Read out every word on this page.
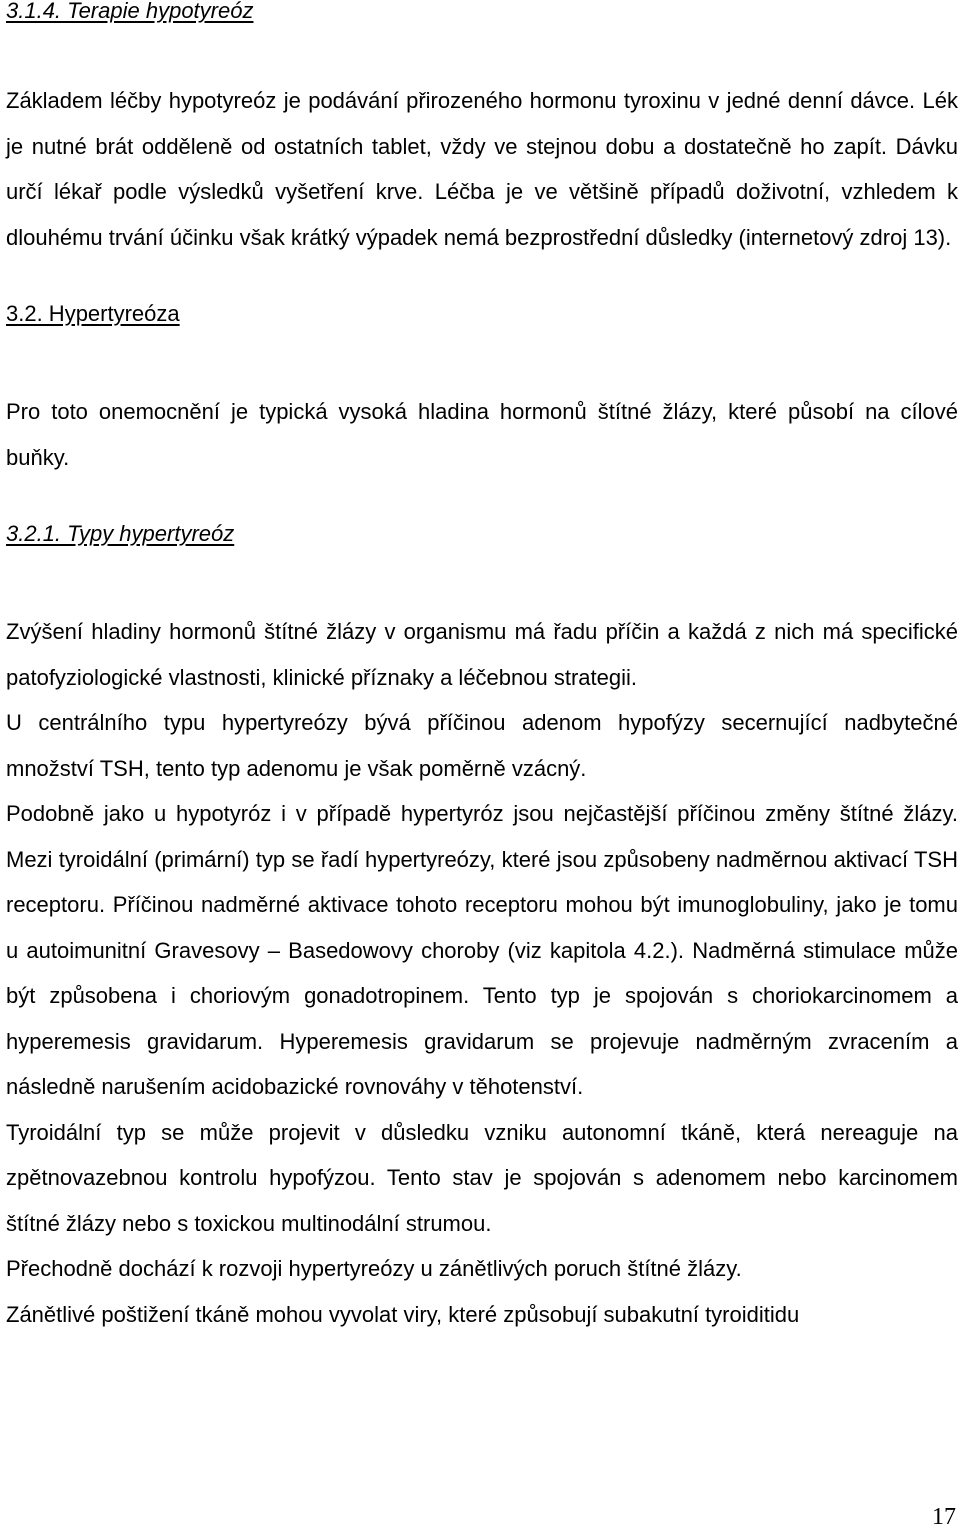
3.1.4. Terapie hypotyreóz

Základem léčby hypotyreóz je podávání přirozeného hormonu tyroxinu v jedné denní dávce. Lék je nutné brát odděleně od ostatních tablet, vždy ve stejnou dobu a dostatečně ho zapít. Dávku určí lékař podle výsledků vyšetření krve. Léčba je ve většině případů doživotní, vzhledem k dlouhému trvání účinku však krátký výpadek nemá bezprostřední důsledky (internetový zdroj 13).

3.2. Hypertyreóza

Pro toto onemocnění je typická vysoká hladina hormonů štítné žlázy, které působí na cílové buňky.

3.2.1. Typy hypertyreóz

Zvýšení hladiny hormonů štítné žlázy v organismu má řadu příčin a každá z nich má specifické patofyziologické vlastnosti, klinické příznaky a léčebnou strategii.

U centrálního typu hypertyreózy bývá příčinou adenom hypofýzy secernující nadbytečné množství TSH, tento typ adenomu je však poměrně vzácný.

Podobně jako u hypotyróz i v případě hypertyróz jsou nejčastější příčinou změny štítné žlázy. Mezi tyroidální (primární) typ se řadí hypertyreózy, které jsou způsobeny nadměrnou aktivací TSH receptoru. Příčinou nadměrné aktivace tohoto receptoru mohou být imunoglobuliny, jako je tomu u autoimunitní Gravesovy – Basedowovy choroby (viz kapitola 4.2.). Nadměrná stimulace může být způsobena i choriovým gonadotropinem. Tento typ je spojován s choriokarcinomem a hyperemesis gravidarum. Hyperemesis gravidarum se projevuje nadměrným zvracením a následně narušením acidobazické rovnováhy v těhotenství.

Tyroidální typ se může projevit v důsledku vzniku autonomní tkáně, která nereaguje na zpětnovazebnou kontrolu hypofýzou. Tento stav je spojován s adenomem nebo karcinomem štítné žlázy nebo s toxickou multinodální strumou.

Přechodně dochází k rozvoji hypertyreózy u zánětlivých poruch štítné žlázy.

Zánětlivé poštižení tkáně mohou vyvolat viry, které způsobují subakutní tyroiditidu

17
